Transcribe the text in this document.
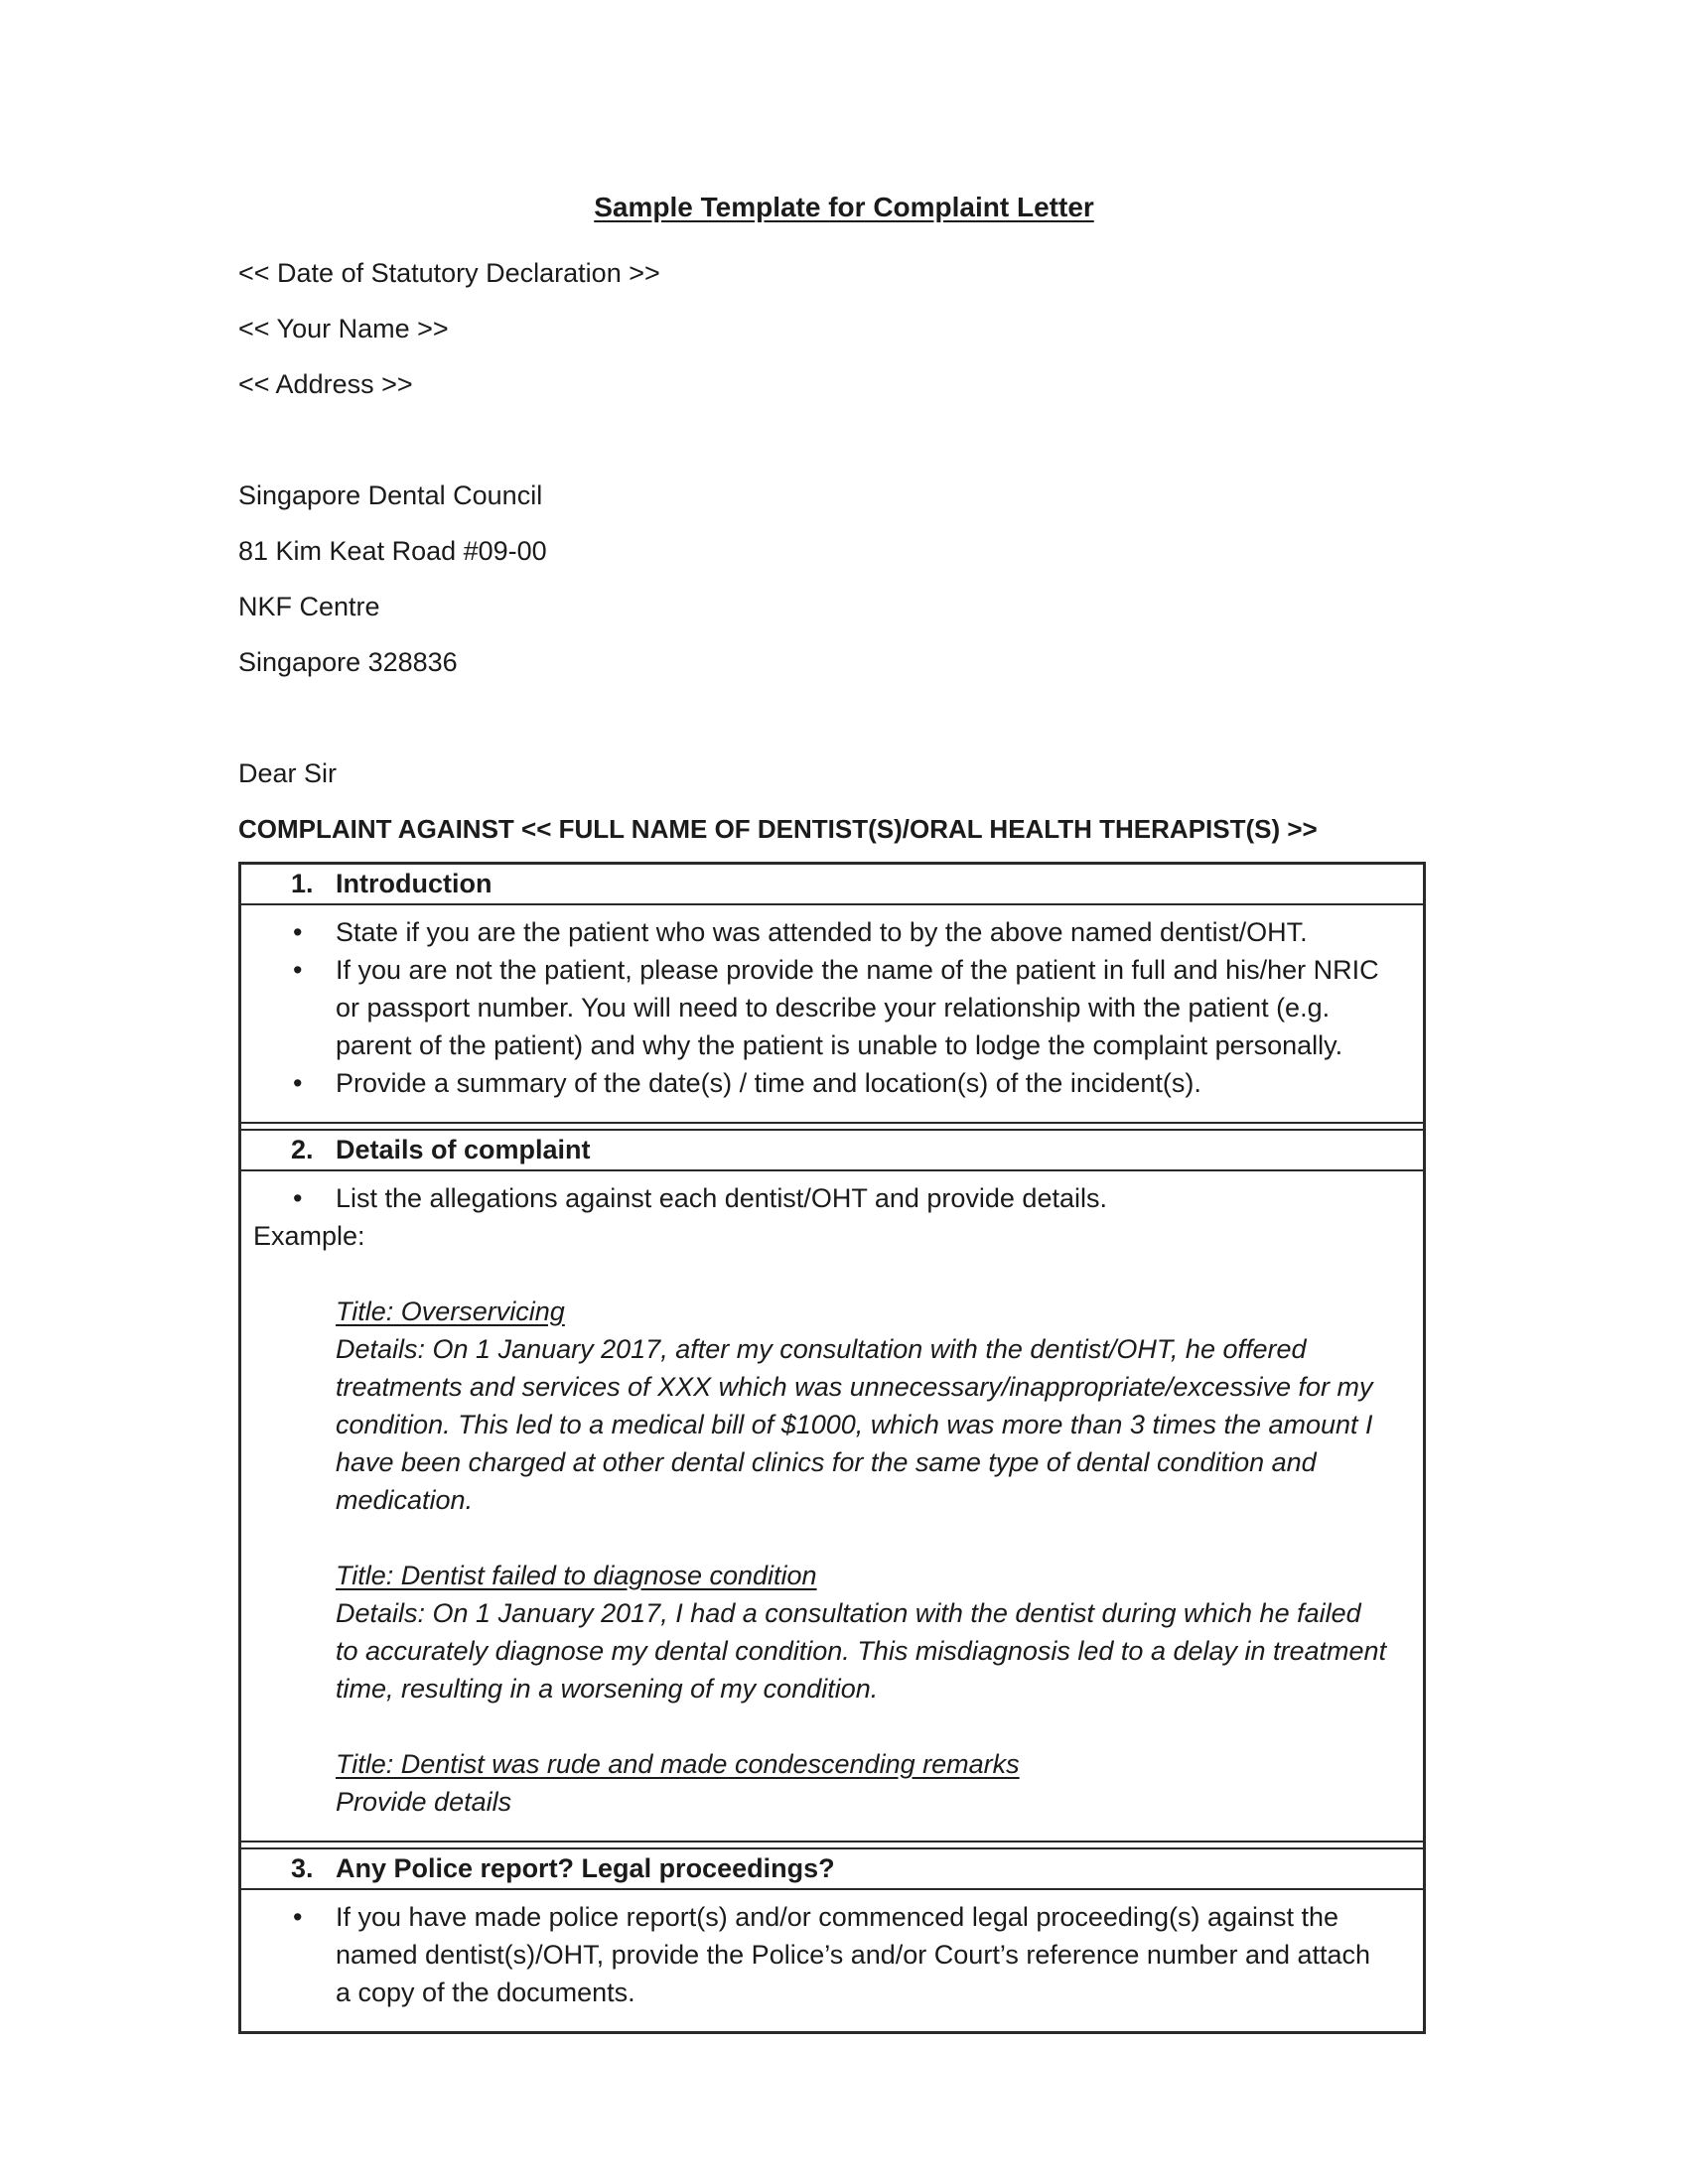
Sample Template for Complaint Letter

<< Date of Statutory Declaration >>

<< Your Name >>

<< Address >>

Singapore Dental Council

81 Kim Keat Road #09-00

NKF Centre

Singapore 328836

Dear Sir

COMPLAINT AGAINST << FULL NAME OF DENTIST(S)/ORAL HEALTH THERAPIST(S) >>

1. Introduction
•	State if you are the patient who was attended to by the above named dentist/OHT.
•	If you are not the patient, please provide the name of the patient in full and his/her NRIC or passport number. You will need to describe your relationship with the patient (e.g. parent of the patient) and why the patient is unable to lodge the complaint personally.
•	Provide a summary of the date(s) / time and location(s) of the incident(s).
2. Details of complaint
•	List the allegations against each dentist/OHT and provide details.

Example:

Title: Overservicing

Details: On 1 January 2017, after my consultation with the dentist/OHT, he offered treatments and services of XXX which was unnecessary/inappropriate/excessive for my condition. This led to a medical bill of $1000, which was more than 3 times the amount I have been charged at other dental clinics for the same type of dental condition and medication.

Title: Dentist failed to diagnose condition

Details: On 1 January 2017, I had a consultation with the dentist during which he failed to accurately diagnose my dental condition. This misdiagnosis led to a delay in treatment time, resulting in a worsening of my condition.

Title: Dentist was rude and made condescending remarks

Provide details

3. Any Police report? Legal proceedings?
•	If you have made police report(s) and/or commenced legal proceeding(s) against the named dentist(s)/OHT, provide the Police’s and/or Court’s reference number and attach a copy of the documents.
